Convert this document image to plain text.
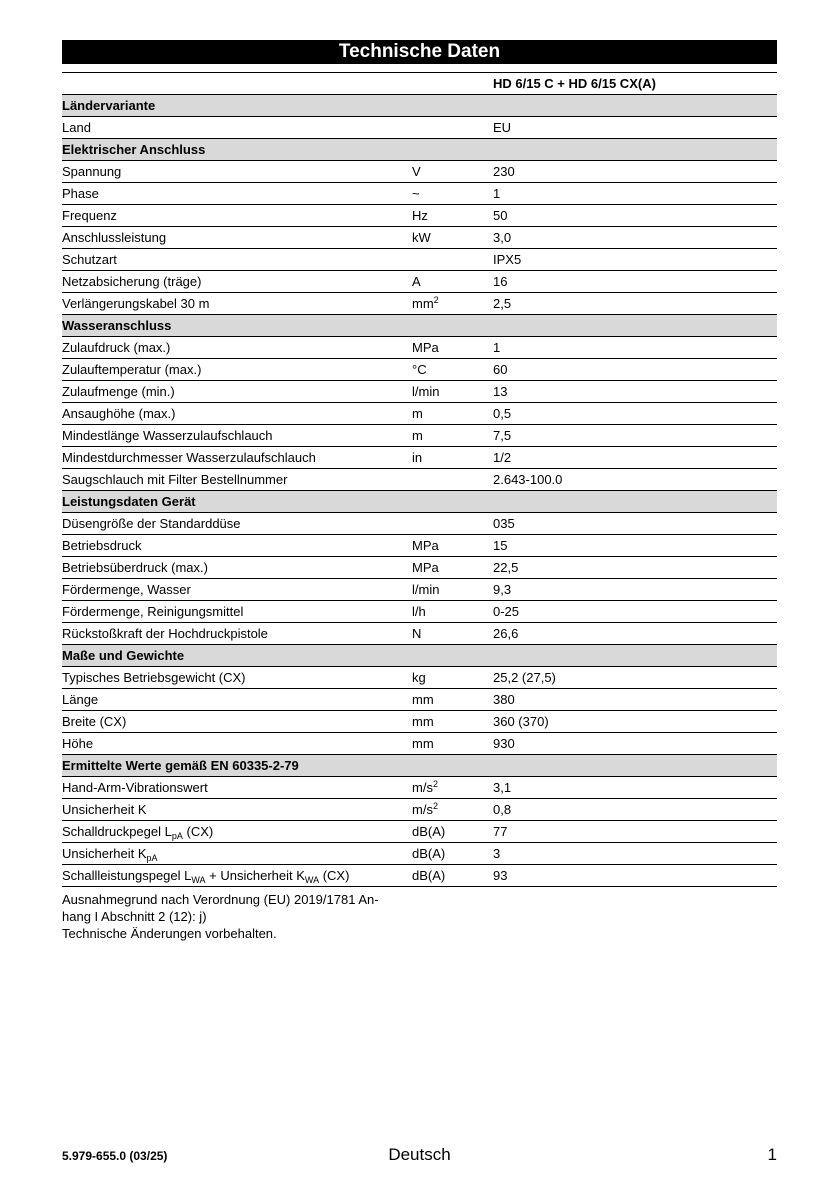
Technische Daten
		HD 6/15 C + HD 6/15 CX(A)
Ländervariante		
Land		EU
Elektrischer Anschluss		
Spannung	V	230
Phase	~	1
Frequenz	Hz	50
Anschlussleistung	kW	3,0
Schutzart		IPX5
Netzabsicherung (träge)	A	16
Verlängerungskabel 30 m	$mm^2$	2,5
Wasseranschluss		
Zulaufdruck (max.)	MPa	1
Zulauftemperatur (max.)	°C	60
Zulaufmenge (min.)	l/min	13
Ansaughöhe (max.)	m	0,5
Mindestlänge Wasserzulaufschlauch	m	7,5
Mindestdurchmesser Wasserzulaufschlauch	in	1/2
Saugschlauch mit Filter Bestellnummer		2.643-100.0
Leistungsdaten Gerät		
Düsengröße der Standarddüse		035
Betriebsdruck	MPa	15
Betriebsüberdruck (max.)	MPa	22,5
Fördermenge, Wasser	l/min	9,3
Fördermenge, Reinigungsmittel	l/h	0-25
Rückstoßkraft der Hochdruckpistole	N	26,6
Maße und Gewichte		
Typisches Betriebsgewicht (CX)	kg	25,2 (27,5)
Länge	mm	380
Breite (CX)	mm	360 (370)
Höhe	mm	930
Ermittelte Werte gemäß EN 60335-2-79		
Hand-Arm-Vibrationswert	$m/s^2$	3,1
Unsicherheit K	$m/s^2$	0,8
Schalldruckpegel $L_{pA}$ (CX)	dB(A)	77
Unsicherheit $K_{pA}$	dB(A)	3
Schallleistungspegel $L_{WA}$ + Unsicherheit $K_{WA}$ (CX)	dB(A)	93
Ausnahmegrund nach Verordnung (EU) 2019/1781 An-
hang I Abschnitt 2 (12): j)
Technische Änderungen vorbehalten.
5.979-655.0 (03/25)	Deutsch	1
